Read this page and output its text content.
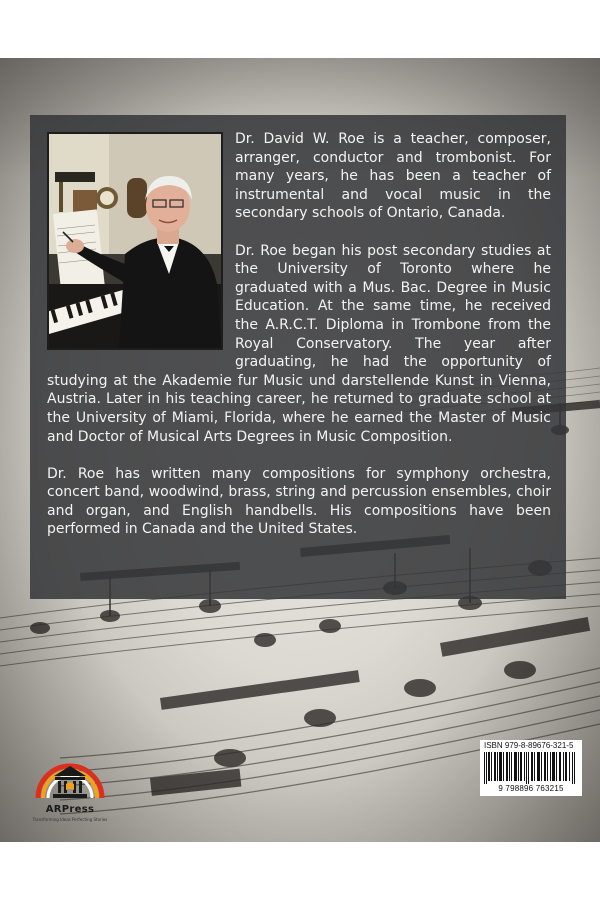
Dr. David W. Roe is a teacher, composer, arranger, conductor and trombonist. For many years, he has been a teacher of instrumental and vocal music in the secondary schools of Ontario, Canada.

Dr. Roe began his post secondary studies at the University of Toronto where he graduated with a Mus. Bac. Degree in Music Education. At the same time, he received the A.R.C.T. Diploma in Trombone from the Royal Conservatory. The year after graduating, he had the opportunity of studying at the Akademie fur Music und darstellende Kunst in Vienna, Austria. Later in his teaching career, he returned to graduate school at the University of Miami, Florida, where he earned the Master of Music and Doctor of Musical Arts Degrees in Music Composition.

Dr. Roe has written many compositions for symphony orchestra, concert band, woodwind, brass, string and percussion ensembles, choir and organ, and English handbells. His compositions have been performed in Canada and the United States.

ARPress
Transforming Ideas Perfecting Stories
ISBN 979-8-89676-321-5
9 798896 763215
